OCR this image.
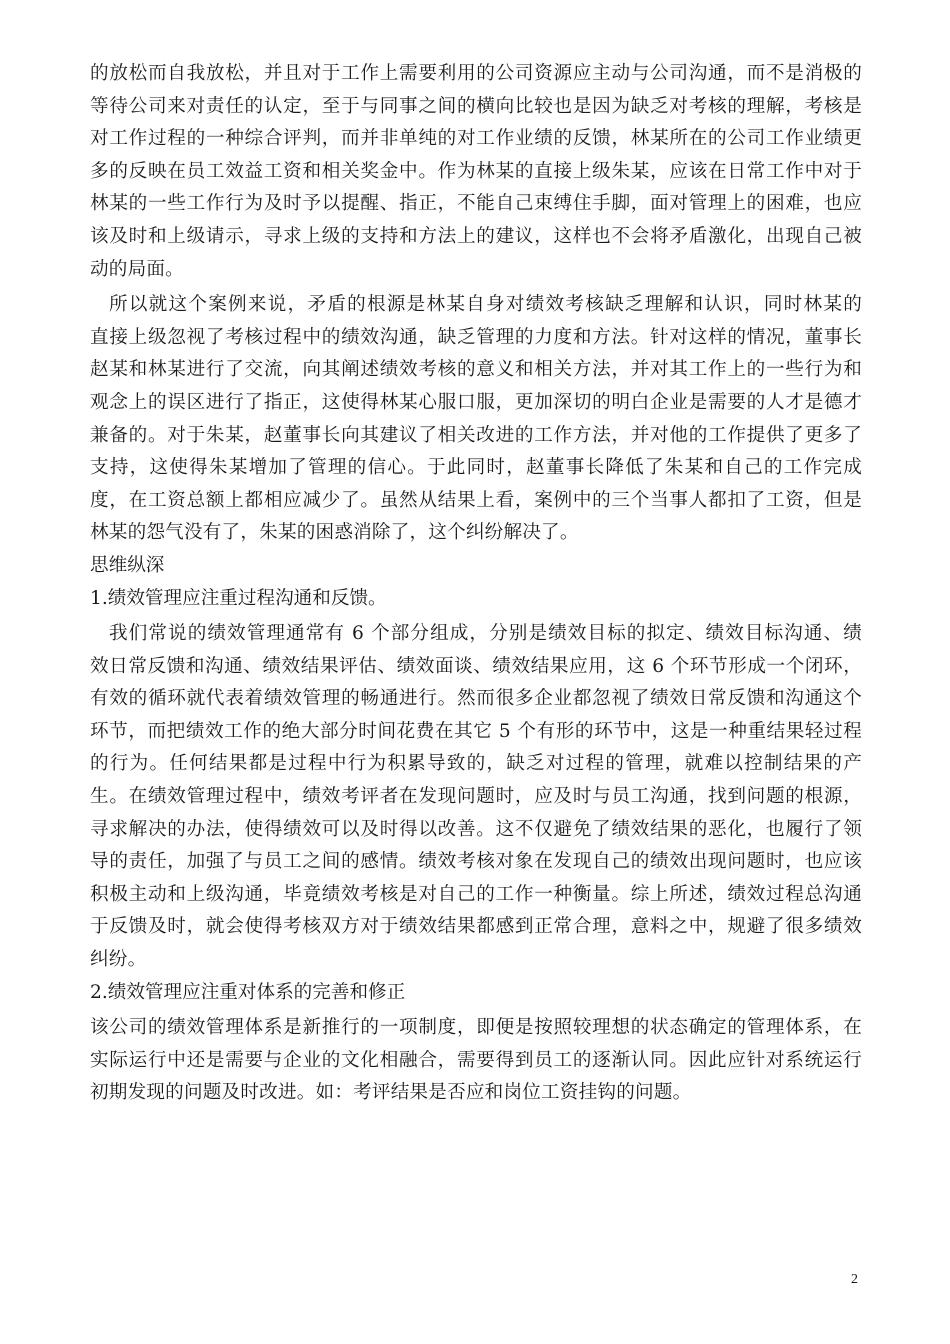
的放松而自我放松，并且对于工作上需要利用的公司资源应主动与公司沟通，而不是消极的
等待公司来对责任的认定，至于与同事之间的横向比较也是因为缺乏对考核的理解，考核是
对工作过程的一种综合评判，而并非单纯的对工作业绩的反馈，林某所在的公司工作业绩更
多的反映在员工效益工资和相关奖金中。作为林某的直接上级朱某，应该在日常工作中对于
林某的一些工作行为及时予以提醒、指正，不能自己束缚住手脚，面对管理上的困难，也应
该及时和上级请示，寻求上级的支持和方法上的建议，这样也不会将矛盾激化，出现自己被
动的局面。
所以就这个案例来说，矛盾的根源是林某自身对绩效考核缺乏理解和认识，同时林某的
直接上级忽视了考核过程中的绩效沟通，缺乏管理的力度和方法。针对这样的情况，董事长
赵某和林某进行了交流，向其阐述绩效考核的意义和相关方法，并对其工作上的一些行为和
观念上的误区进行了指正，这使得林某心服口服，更加深切的明白企业是需要的人才是德才
兼备的。对于朱某，赵董事长向其建议了相关改进的工作方法，并对他的工作提供了更多了
支持，这使得朱某增加了管理的信心。于此同时，赵董事长降低了朱某和自己的工作完成
度，在工资总额上都相应减少了。虽然从结果上看，案例中的三个当事人都扣了工资，但是
林某的怨气没有了，朱某的困惑消除了，这个纠纷解决了。
思维纵深
1.绩效管理应注重过程沟通和反馈。
我们常说的绩效管理通常有 6 个部分组成，分别是绩效目标的拟定、绩效目标沟通、绩
效日常反馈和沟通、绩效结果评估、绩效面谈、绩效结果应用，这 6 个环节形成一个闭环，
有效的循环就代表着绩效管理的畅通进行。然而很多企业都忽视了绩效日常反馈和沟通这个
环节，而把绩效工作的绝大部分时间花费在其它 5 个有形的环节中，这是一种重结果轻过程
的行为。任何结果都是过程中行为积累导致的，缺乏对过程的管理，就难以控制结果的产
生。在绩效管理过程中，绩效考评者在发现问题时，应及时与员工沟通，找到问题的根源，
寻求解决的办法，使得绩效可以及时得以改善。这不仅避免了绩效结果的恶化，也履行了领
导的责任，加强了与员工之间的感情。绩效考核对象在发现自己的绩效出现问题时，也应该
积极主动和上级沟通，毕竟绩效考核是对自己的工作一种衡量。综上所述，绩效过程总沟通
于反馈及时，就会使得考核双方对于绩效结果都感到正常合理，意料之中，规避了很多绩效
纠纷。
2.绩效管理应注重对体系的完善和修正
该公司的绩效管理体系是新推行的一项制度，即便是按照较理想的状态确定的管理体系，在
实际运行中还是需要与企业的文化相融合，需要得到员工的逐渐认同。因此应针对系统运行
初期发现的问题及时改进。如：考评结果是否应和岗位工资挂钩的问题。
2
